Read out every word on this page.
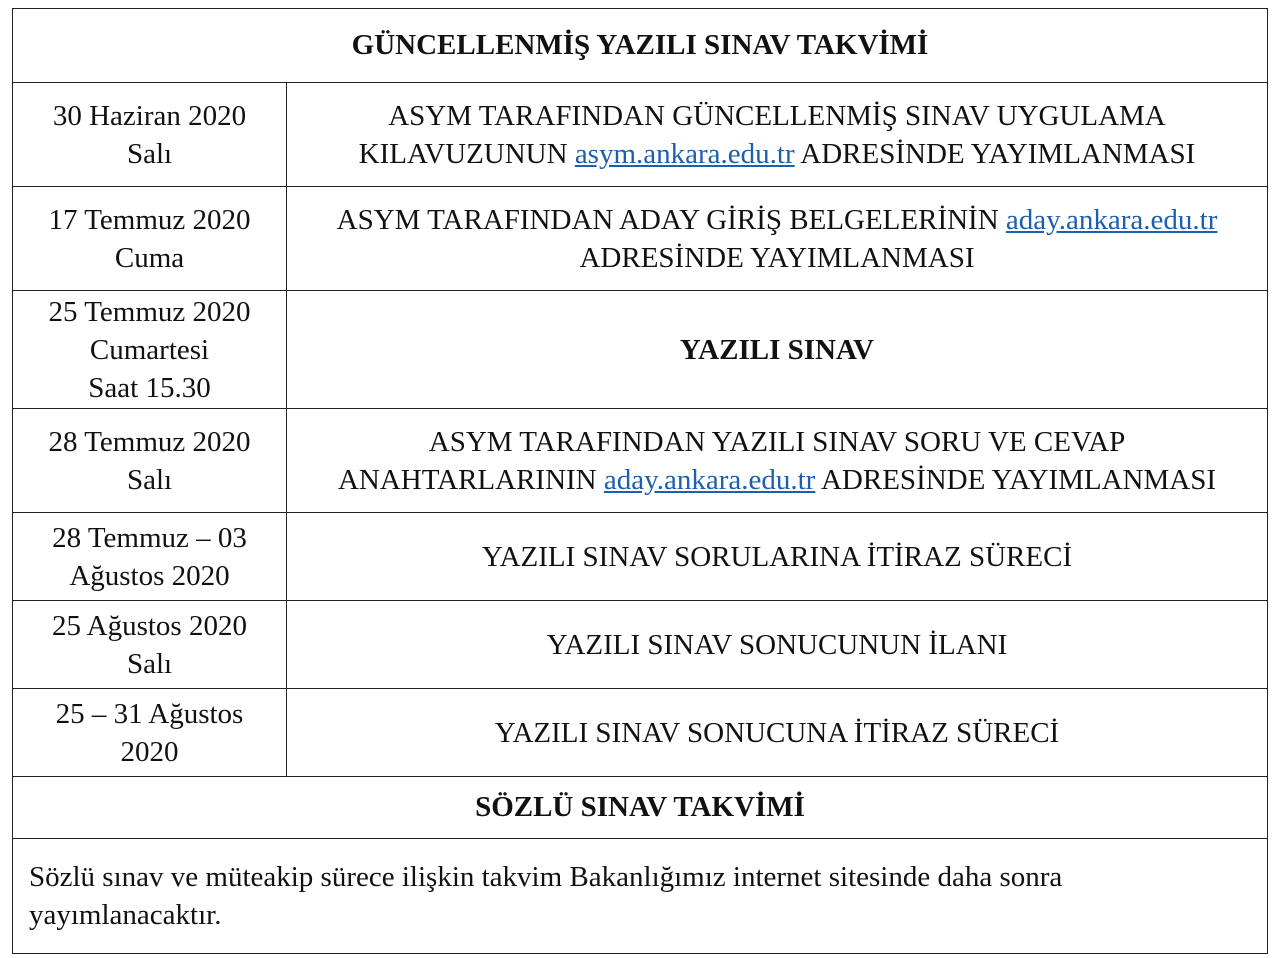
GÜNCELLENMİŞ YAZILI SINAV TAKVİMİ
30 Haziran 2020
Salı

ASYM TARAFINDAN GÜNCELLENMİŞ SINAV UYGULAMA
KILAVUZUNUN asym.ankara.edu.tr ADRESİNDE YAYIMLANMASI

17 Temmuz 2020
Cuma

ASYM TARAFINDAN ADAY GİRİŞ BELGELERİNİN aday.ankara.edu.tr
ADRESİNDE YAYIMLANMASI

25 Temmuz 2020
Cumartesi
Saat 15.30
YAZILI SINAV
28 Temmuz 2020
Salı

ASYM TARAFINDAN YAZILI SINAV SORU VE CEVAP
ANAHTARLARININ aday.ankara.edu.tr ADRESİNDE YAYIMLANMASI

28 Temmuz – 03
Ağustos 2020
YAZILI SINAV SORULARINA İTİRAZ SÜRECİ
25 Ağustos 2020
Salı
YAZILI SINAV SONUCUNUN İLANI
25 – 31 Ağustos
2020
YAZILI SINAV SONUCUNA İTİRAZ SÜRECİ
SÖZLÜ SINAV TAKVİMİ
Sözlü sınav ve müteakip sürece ilişkin takvim Bakanlığımız internet sitesinde daha sonra yayımlanacaktır.
